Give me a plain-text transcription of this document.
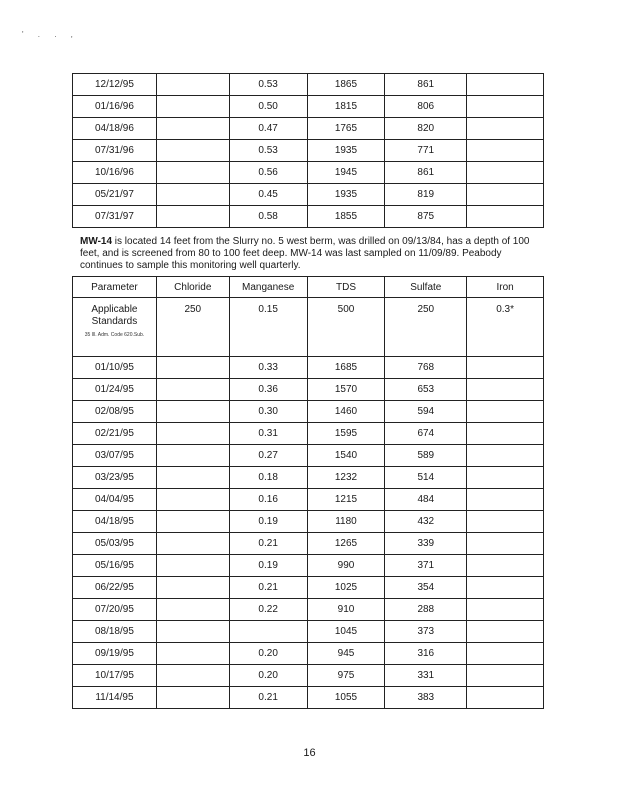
' . . ,
12/12/95		0.53	1865	861	
01/16/96		0.50	1815	806	
04/18/96		0.47	1765	820	
07/31/96		0.53	1935	771	
10/16/96		0.56	1945	861	
05/21/97		0.45	1935	819	
07/31/97		0.58	1855	875	

MW-14 is located 14 feet from the Slurry no. 5 west berm, was drilled on 09/13/84, has a depth of 100 feet, and is screened from 80 to 100 feet deep. MW-14 was last sampled on 11/09/89. Peabody continues to sample this monitoring well quarterly.

Parameter	Chloride	Manganese	TDS	Sulfate	Iron

Applicable Standards
35 Ill. Adm. Code 620.Sub.	250	0.15	500	250	0.3*
01/10/95		0.33	1685	768	
01/24/95		0.36	1570	653	
02/08/95		0.30	1460	594	
02/21/95		0.31	1595	674	
03/07/95		0.27	1540	589	
03/23/95		0.18	1232	514	
04/04/95		0.16	1215	484	
04/18/95		0.19	1180	432	
05/03/95		0.21	1265	339	
05/16/95		0.19	990	371	
06/22/95		0.21	1025	354	
07/20/95		0.22	910	288	
08/18/95			1045	373	
09/19/95		0.20	945	316	
10/17/95		0.20	975	331	
11/14/95		0.21	1055	383	
16
